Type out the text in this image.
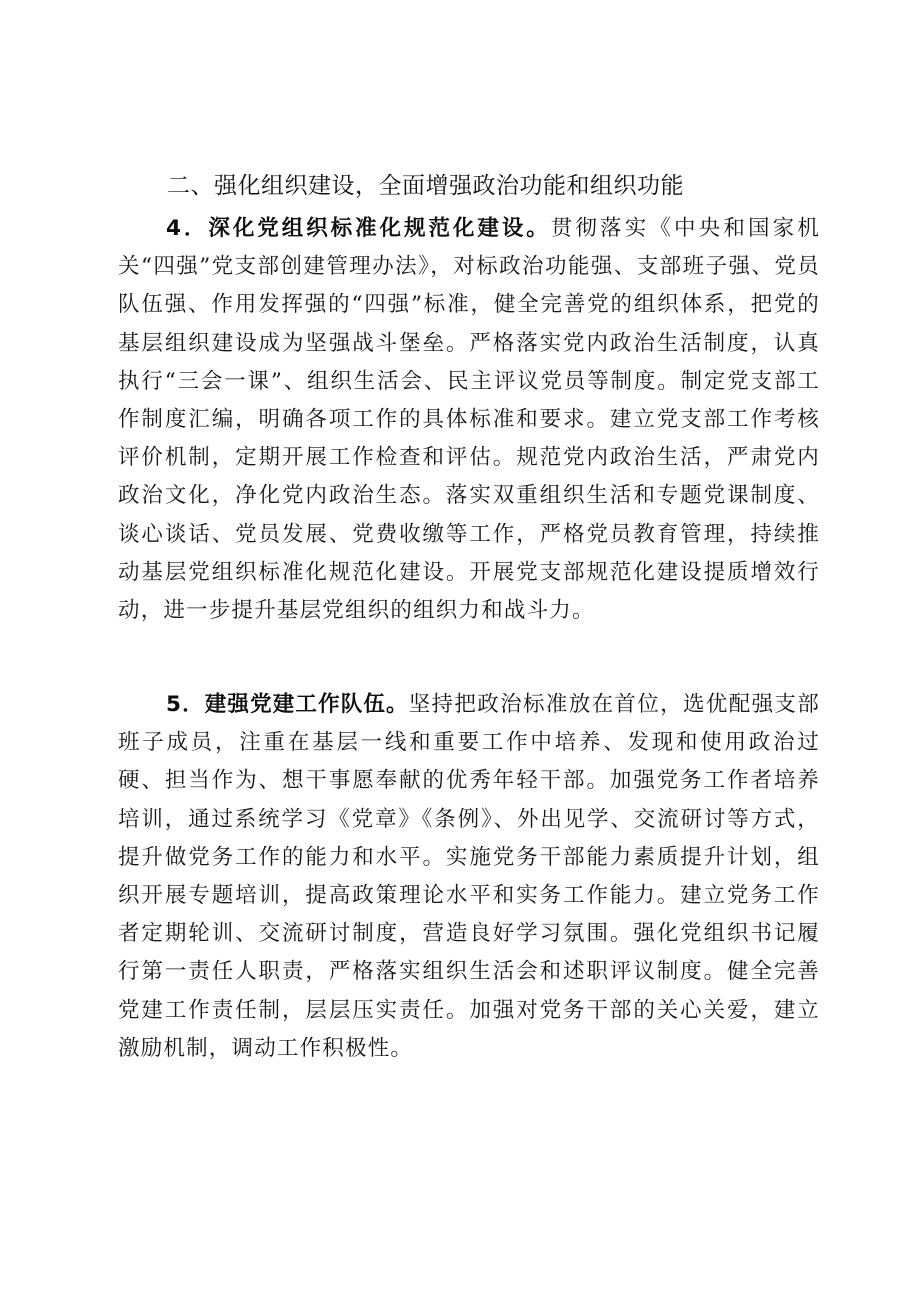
二、强化组织建设，全面增强政治功能和组织功能

4．深化党组织标准化规范化建设。贯彻落实《中央和国家机关“四强”党支部创建管理办法》，对标政治功能强、支部班子强、党员队伍强、作用发挥强的“四强”标准，健全完善党的组织体系，把党的基层组织建设成为坚强战斗堡垒。严格落实党内政治生活制度，认真执行“三会一课”、组织生活会、民主评议党员等制度。制定党支部工作制度汇编，明确各项工作的具体标准和要求。建立党支部工作考核评价机制，定期开展工作检查和评估。规范党内政治生活，严肃党内政治文化，净化党内政治生态。落实双重组织生活和专题党课制度、谈心谈话、党员发展、党费收缴等工作，严格党员教育管理，持续推动基层党组织标准化规范化建设。开展党支部规范化建设提质增效行动，进一步提升基层党组织的组织力和战斗力。

5．建强党建工作队伍。坚持把政治标准放在首位，选优配强支部班子成员，注重在基层一线和重要工作中培养、发现和使用政治过硬、担当作为、想干事愿奉献的优秀年轻干部。加强党务工作者培养培训，通过系统学习《党章》《条例》、外出见学、交流研讨等方式，提升做党务工作的能力和水平。实施党务干部能力素质提升计划，组织开展专题培训，提高政策理论水平和实务工作能力。建立党务工作者定期轮训、交流研讨制度，营造良好学习氛围。强化党组织书记履行第一责任人职责，严格落实组织生活会和述职评议制度。健全完善党建工作责任制，层层压实责任。加强对党务干部的关心关爱，建立激励机制，调动工作积极性。
